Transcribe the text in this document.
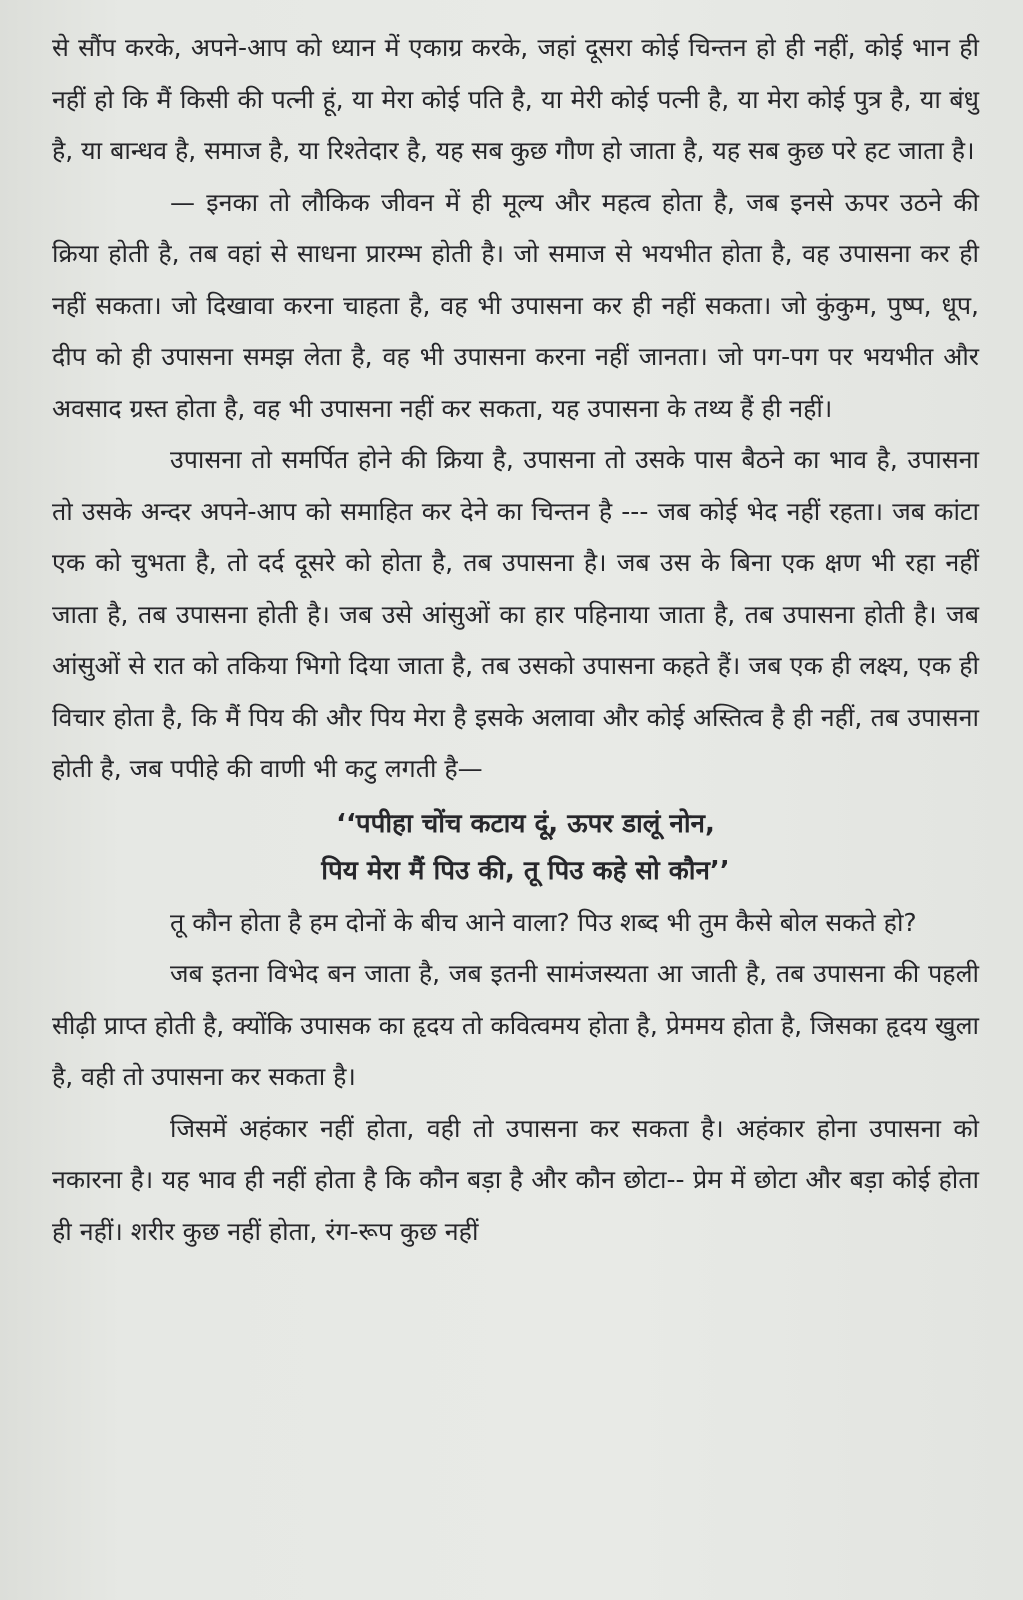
से सौंप करके, अपने-आप को ध्यान में एकाग्र करके, जहां दूसरा कोई चिन्तन हो ही नहीं, कोई भान ही नहीं हो कि मैं किसी की पत्नी हूं, या मेरा कोई पति है, या मेरी कोई पत्नी है, या मेरा कोई पुत्र है, या बंधु है, या बान्धव है, समाज है, या रिश्तेदार है, यह सब कुछ गौण हो जाता है, यह सब कुछ परे हट जाता है।

— इनका तो लौकिक जीवन में ही मूल्य और महत्व होता है, जब इनसे ऊपर उठने की क्रिया होती है, तब वहां से साधना प्रारम्भ होती है। जो समाज से भयभीत होता है, वह उपासना कर ही नहीं सकता। जो दिखावा करना चाहता है, वह भी उपासना कर ही नहीं सकता। जो कुंकुम, पुष्प, धूप, दीप को ही उपासना समझ लेता है, वह भी उपासना करना नहीं जानता। जो पग-पग पर भयभीत और अवसाद ग्रस्त होता है, वह भी उपासना नहीं कर सकता, यह उपासना के तथ्य हैं ही नहीं।

उपासना तो समर्पित होने की क्रिया है, उपासना तो उसके पास बैठने का भाव है, उपासना तो उसके अन्दर अपने-आप को समाहित कर देने का चिन्तन है --- जब कोई भेद नहीं रहता। जब कांटा एक को चुभता है, तो दर्द दूसरे को होता है, तब उपासना है। जब उस के बिना एक क्षण भी रहा नहीं जाता है, तब उपासना होती है। जब उसे आंसुओं का हार पहिनाया जाता है, तब उपासना होती है। जब आंसुओं से रात को तकिया भिगो दिया जाता है, तब उसको उपासना कहते हैं। जब एक ही लक्ष्य, एक ही विचार होता है, कि मैं पिय की और पिय मेरा है इसके अलावा और कोई अस्तित्व है ही नहीं, तब उपासना होती है, जब पपीहे की वाणी भी कटु लगती है—

‘‘पपीहा चोंच कटाय दूं, ऊपर डालूं नोन,
पिय मेरा मैं पिउ की, तू पिउ कहे सो कौन’’

तू कौन होता है हम दोनों के बीच आने वाला? पिउ शब्द भी तुम कैसे बोल सकते हो?

जब इतना विभेद बन जाता है, जब इतनी सामंजस्यता आ जाती है, तब उपासना की पहली सीढ़ी प्राप्त होती है, क्योंकि उपासक का हृदय तो कवित्वमय होता है, प्रेममय होता है, जिसका हृदय खुला है, वही तो उपासना कर सकता है।

जिसमें अहंकार नहीं होता, वही तो उपासना कर सकता है। अहंकार होना उपासना को नकारना है। यह भाव ही नहीं होता है कि कौन बड़ा है और कौन छोटा-- प्रेम में छोटा और बड़ा कोई होता ही नहीं। शरीर कुछ नहीं होता, रंग-रूप कुछ नहीं
